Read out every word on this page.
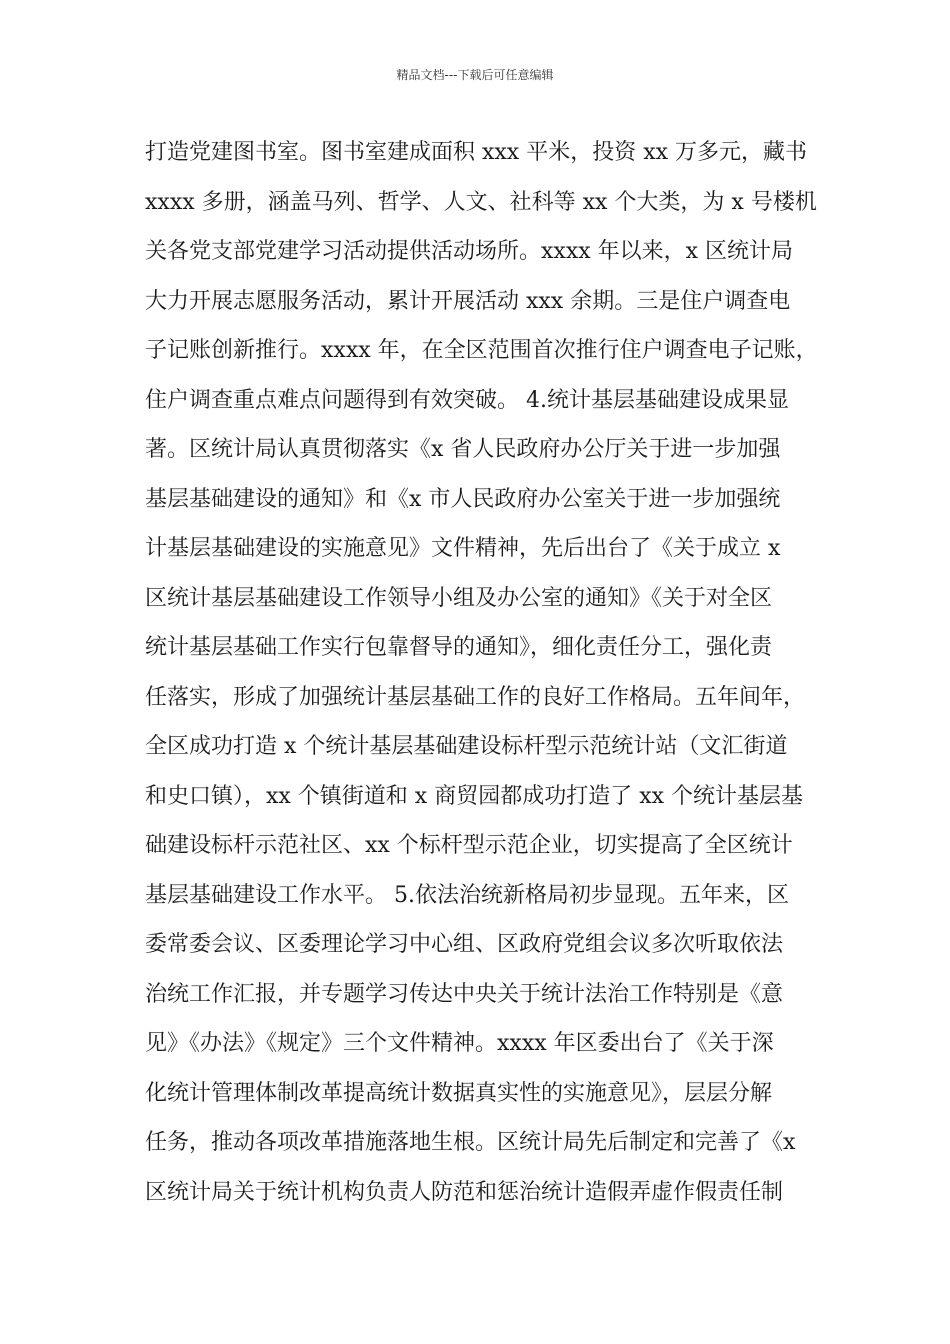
精品文档---下载后可任意编辑
打造党建图书室。图书室建成面积 xxx 平米，投资 xx 万多元，藏书
xxxx 多册，涵盖马列、哲学、人文、社科等 xx 个大类，为 x 号楼机
关各党支部党建学习活动提供活动场所。xxxx 年以来，x 区统计局
大力开展志愿服务活动，累计开展活动 xxx 余期。三是住户调查电
子记账创新推行。xxxx 年，在全区范围首次推行住户调查电子记账，
住户调查重点难点问题得到有效突破。 4.统计基层基础建设成果显
著。区统计局认真贯彻落实《x 省人民政府办公厅关于进一步加强
基层基础建设的通知》和《x 市人民政府办公室关于进一步加强统
计基层基础建设的实施意见》文件精神，先后出台了《关于成立 x
区统计基层基础建设工作领导小组及办公室的通知》《关于对全区
统计基层基础工作实行包靠督导的通知》，细化责任分工，强化责
任落实，形成了加强统计基层基础工作的良好工作格局。五年间年，
全区成功打造 x 个统计基层基础建设标杆型示范统计站（文汇街道
和史口镇），xx 个镇街道和 x 商贸园都成功打造了 xx 个统计基层基
础建设标杆示范社区、xx 个标杆型示范企业，切实提高了全区统计
基层基础建设工作水平。 5.依法治统新格局初步显现。五年来，区
委常委会议、区委理论学习中心组、区政府党组会议多次听取依法
治统工作汇报，并专题学习传达中央关于统计法治工作特别是《意
见》《办法》《规定》三个文件精神。xxxx 年区委出台了《关于深
化统计管理体制改革提高统计数据真实性的实施意见》，层层分解
任务，推动各项改革措施落地生根。区统计局先后制定和完善了《x
区统计局关于统计机构负责人防范和惩治统计造假弄虚作假责任制
